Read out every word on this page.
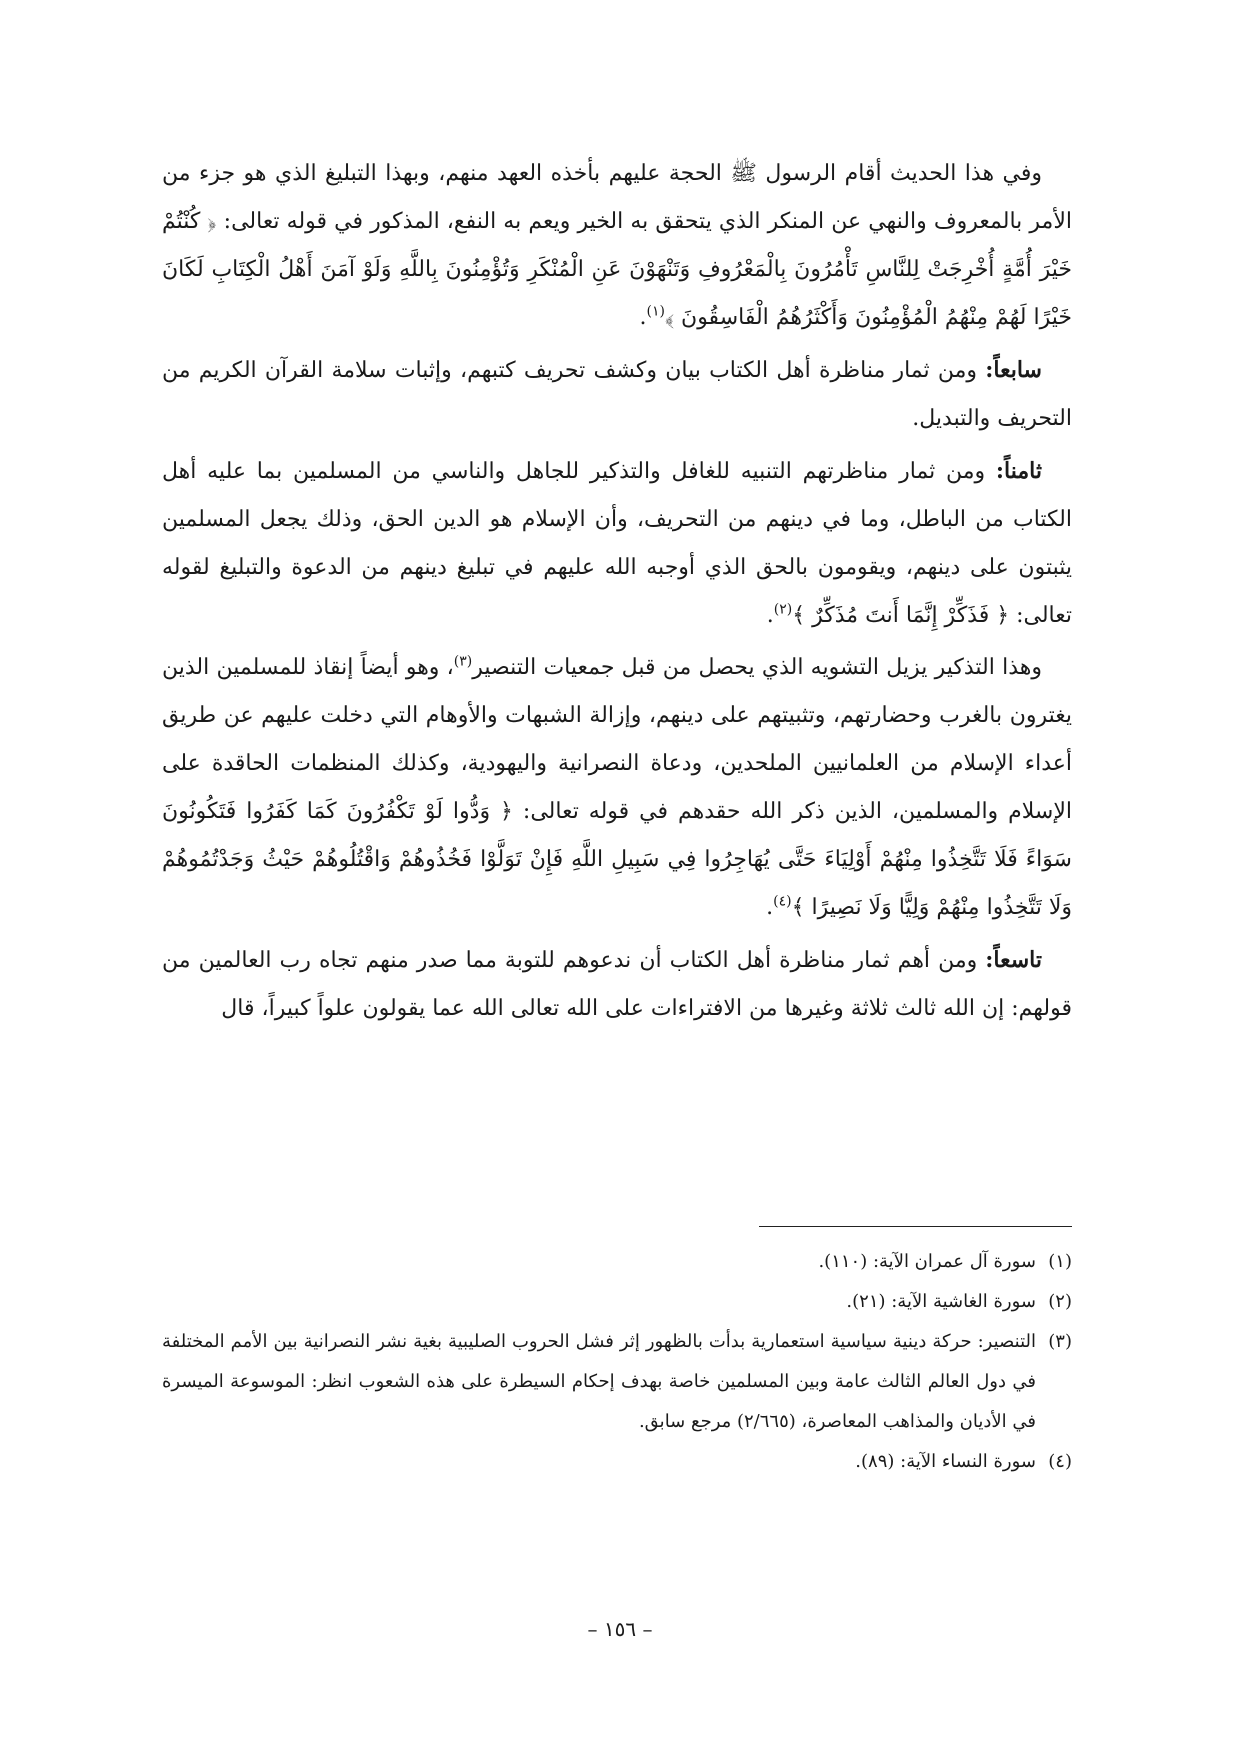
وفي هذا الحديث أقام الرسول ﷺ الحجة عليهم بأخذه العهد منهم، وبهذا التبليغ الذي هو جزء من الأمر بالمعروف والنهي عن المنكر الذي يتحقق به الخير ويعم به النفع، المذكور في قوله تعالى: ﴿ كُنْتُمْ خَيْرَ أُمَّةٍ أُخْرِجَتْ لِلنَّاسِ تَأْمُرُونَ بِالْمَعْرُوفِ وَتَنْهَوْنَ عَنِ الْمُنْكَرِ وَتُؤْمِنُونَ بِاللَّهِ وَلَوْ آمَنَ أَهْلُ الْكِتَابِ لَكَانَ خَيْرًا لَهُمْ مِنْهُمُ الْمُؤْمِنُونَ وَأَكْثَرُهُمُ الْفَاسِقُونَ ﴾$^{(١)}$.

سابعاً: ومن ثمار مناظرة أهل الكتاب بيان وكشف تحريف كتبهم، وإثبات سلامة القرآن الكريم من التحريف والتبديل.

ثامناً: ومن ثمار مناظرتهم التنبيه للغافل والتذكير للجاهل والناسي من المسلمين بما عليه أهل الكتاب من الباطل، وما في دينهم من التحريف، وأن الإسلام هو الدين الحق، وذلك يجعل المسلمين يثبتون على دينهم، ويقومون بالحق الذي أوجبه الله عليهم في تبليغ دينهم من الدعوة والتبليغ لقوله تعالى: ﴿ فَذَكِّرْ إِنَّمَا أَنتَ مُذَكِّرٌ ﴾$^{(٢)}$.

وهذا التذكير يزيل التشويه الذي يحصل من قبل جمعيات التنصير$^{(٣)}$، وهو أيضاً إنقاذ للمسلمين الذين يغترون بالغرب وحضارتهم، وتثبيتهم على دينهم، وإزالة الشبهات والأوهام التي دخلت عليهم عن طريق أعداء الإسلام من العلمانيين الملحدين، ودعاة النصرانية واليهودية، وكذلك المنظمات الحاقدة على الإسلام والمسلمين، الذين ذكر الله حقدهم في قوله تعالى: ﴿ وَدُّوا لَوْ تَكْفُرُونَ كَمَا كَفَرُوا فَتَكُونُونَ سَوَاءً فَلَا تَتَّخِذُوا مِنْهُمْ أَوْلِيَاءَ حَتَّى يُهَاجِرُوا فِي سَبِيلِ اللَّهِ فَإِنْ تَوَلَّوْا فَخُذُوهُمْ وَاقْتُلُوهُمْ حَيْثُ وَجَدْتُمُوهُمْ وَلَا تَتَّخِذُوا مِنْهُمْ وَلِيًّا وَلَا نَصِيرًا ﴾$^{(٤)}$.

تاسعاً: ومن أهم ثمار مناظرة أهل الكتاب أن ندعوهم للتوبة مما صدر منهم تجاه رب العالمين من قولهم: إن الله ثالث ثلاثة وغيرها من الافتراءات على الله تعالى الله عما يقولون علواً كبيراً، قال

(١)سورة آل عمران الآية: (١١٠).

(٢)سورة الغاشية الآية: (٢١).

(٣)التنصير: حركة دينية سياسية استعمارية بدأت بالظهور إثر فشل الحروب الصليبية بغية نشر النصرانية بين الأمم المختلفة في دول العالم الثالث عامة وبين المسلمين خاصة بهدف إحكام السيطرة على هذه الشعوب انظر: الموسوعة الميسرة في الأديان والمذاهب المعاصرة، (٢/٦٦٥) مرجع سابق.

(٤)سورة النساء الآية: (٨٩).

– ١٥٦ –
